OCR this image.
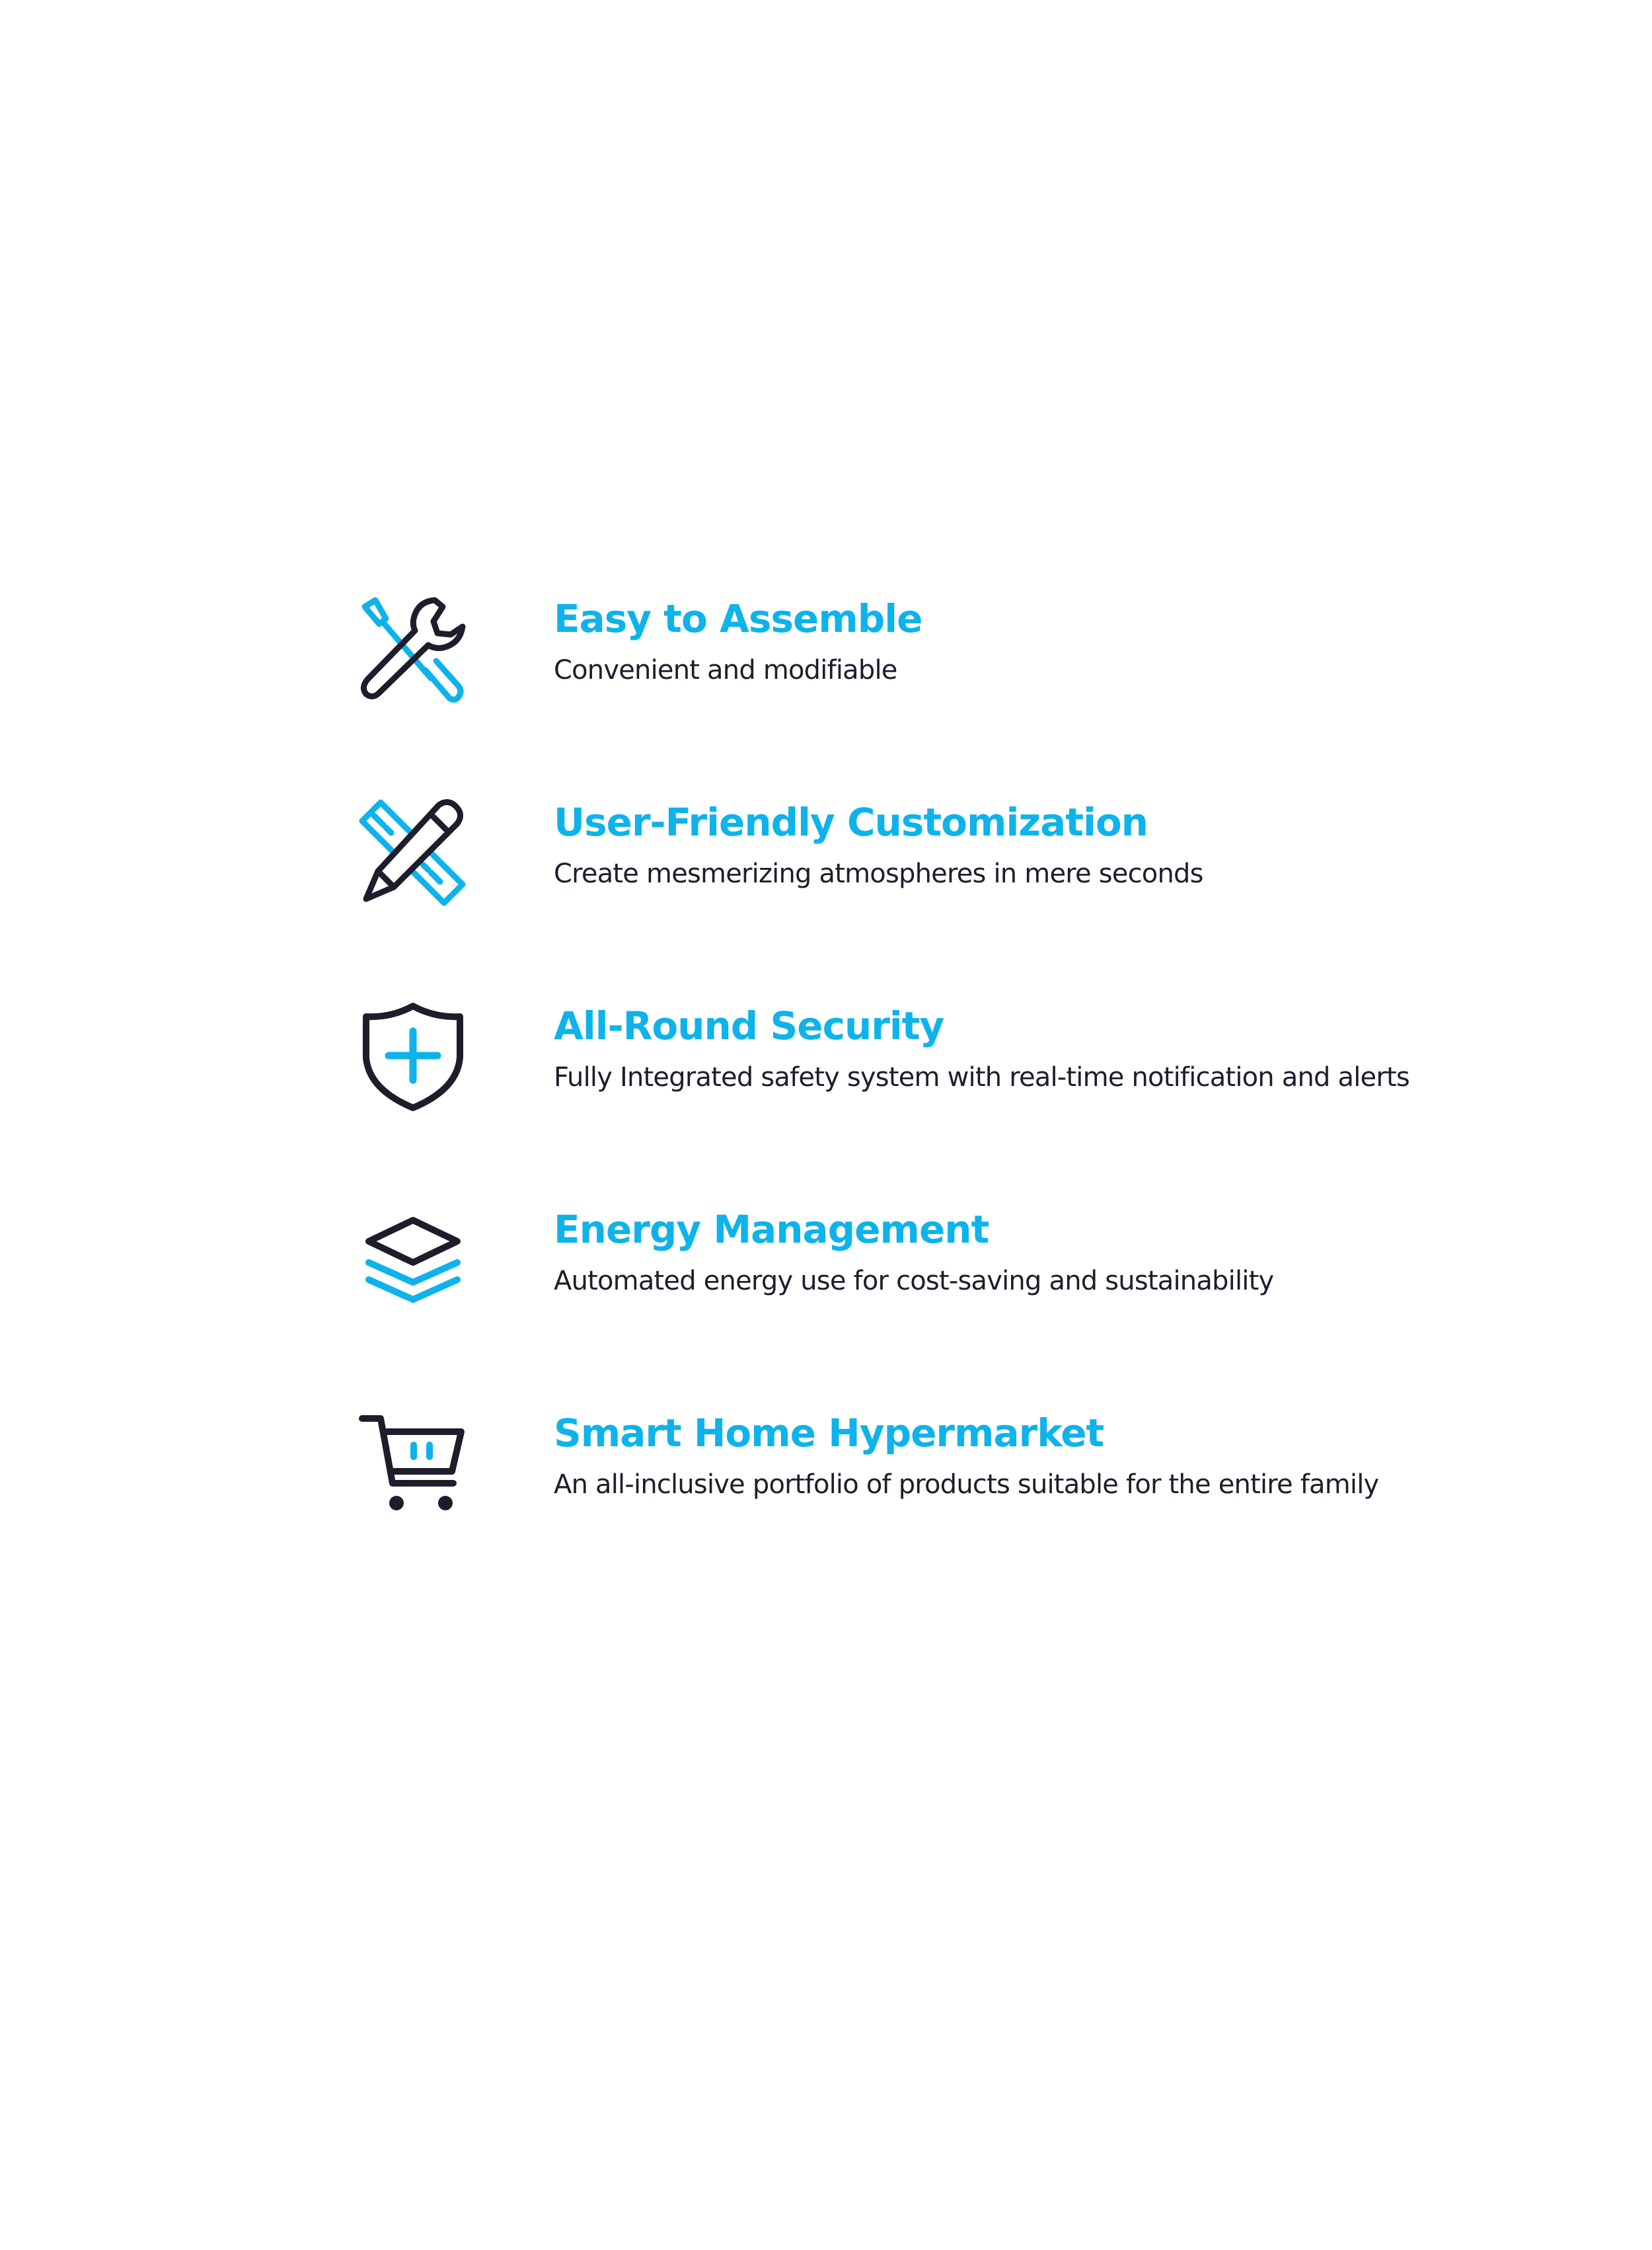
Easy to Assemble
Convenient and modifiable
User-Friendly Customization
Create mesmerizing atmospheres in mere seconds
All-Round Security
Fully Integrated safety system with real-time notification and alerts
Energy Management
Automated energy use for cost-saving and sustainability
Smart Home Hypermarket
An all-inclusive portfolio of products suitable for the entire family
